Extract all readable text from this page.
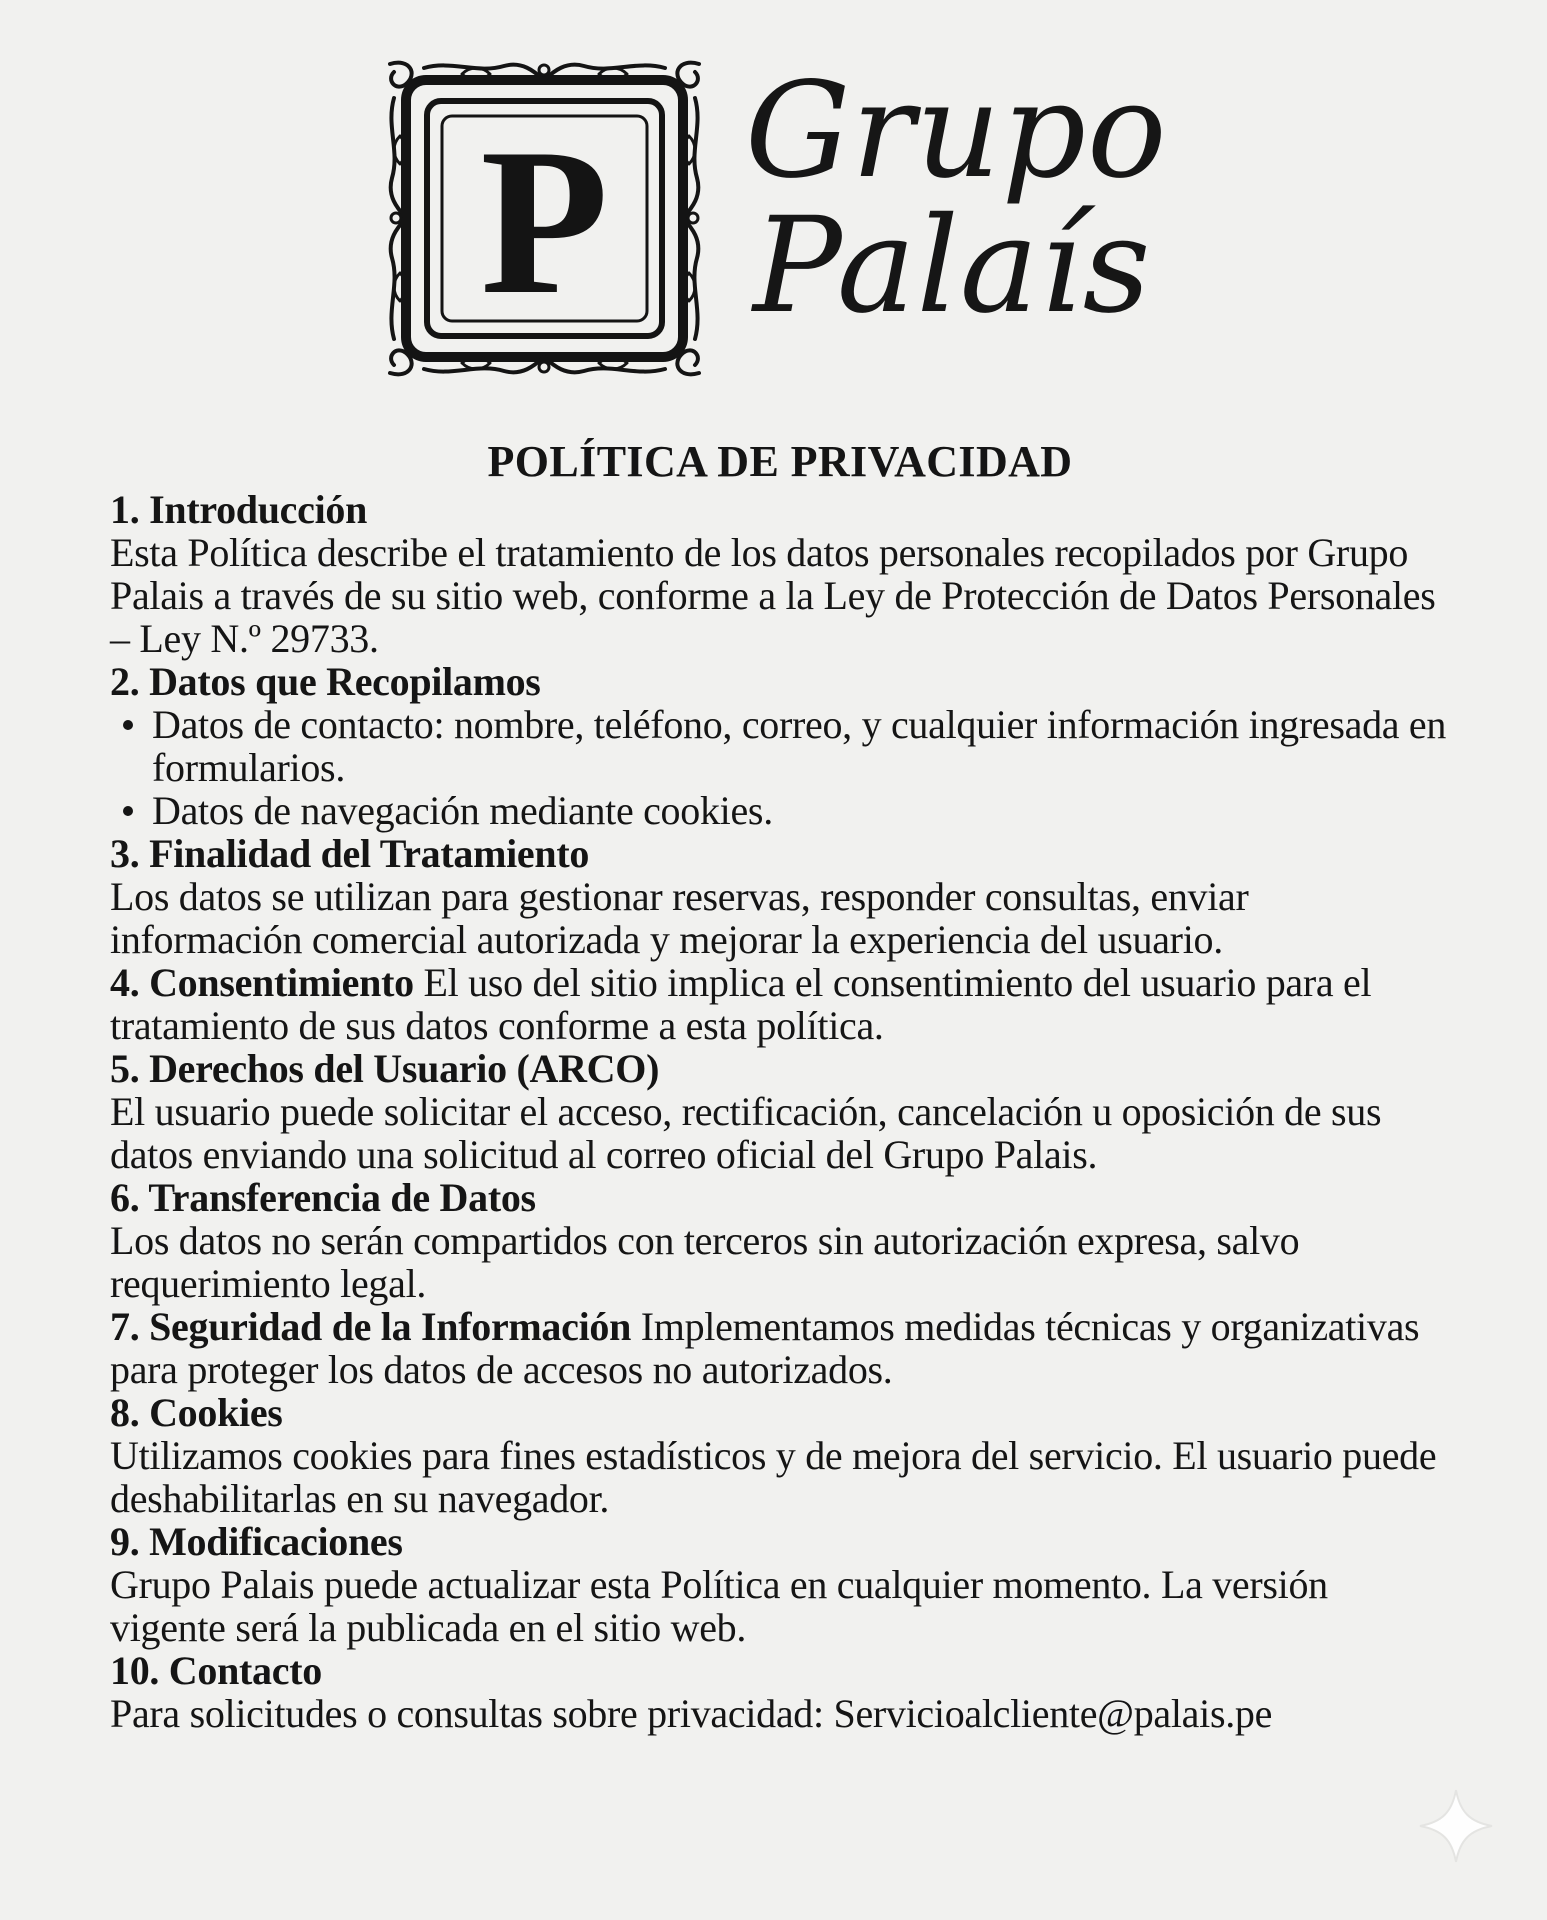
P	Grupo
Palaís
POLÍTICA DE PRIVACIDAD
1. Introducción

Esta Política describe el tratamiento de los datos personales recopilados por Grupo Palais a través de su sitio web, conforme a la Ley de Protección de Datos Personales – Ley N.º 29733.

2. Datos que Recopilamos
Datos de contacto: nombre, teléfono, correo, y cualquier información ingresada en formularios.
Datos de navegación mediante cookies.
3. Finalidad del Tratamiento

Los datos se utilizan para gestionar reservas, responder consultas, enviar información comercial autorizada y mejorar la experiencia del usuario.

4. Consentimiento El uso del sitio implica el consentimiento del usuario para el tratamiento de sus datos conforme a esta política.

5. Derechos del Usuario (ARCO)

El usuario puede solicitar el acceso, rectificación, cancelación u oposición de sus datos enviando una solicitud al correo oficial del Grupo Palais.

6. Transferencia de Datos

Los datos no serán compartidos con terceros sin autorización expresa, salvo requerimiento legal.

7. Seguridad de la Información Implementamos medidas técnicas y organizativas para proteger los datos de accesos no autorizados.

8. Cookies

Utilizamos cookies para fines estadísticos y de mejora del servicio. El usuario puede deshabilitarlas en su navegador.

9. Modificaciones

Grupo Palais puede actualizar esta Política en cualquier momento. La versión vigente será la publicada en el sitio web.

10. Contacto

Para solicitudes o consultas sobre privacidad: Servicioalcliente@palais.pe
